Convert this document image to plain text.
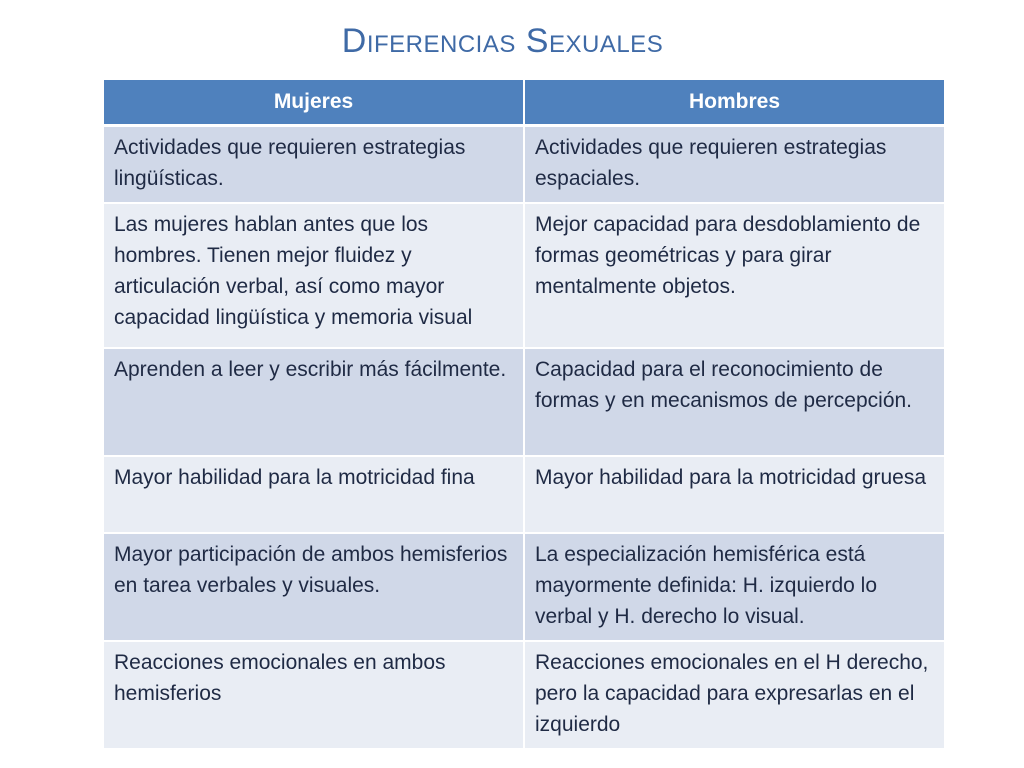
Diferencias Sexuales
Mujeres	Hombres
Actividades que requieren estrategias lingüísticas.	Actividades que requieren estrategias espaciales.
Las mujeres hablan antes que los hombres. Tienen mejor fluidez y articulación verbal, así como mayor capacidad lingüística y memoria visual	Mejor capacidad para desdoblamiento de formas geométricas y para girar mentalmente objetos.
Aprenden a leer y escribir más fácilmente.	Capacidad para el reconocimiento de formas y en mecanismos de percepción.
Mayor habilidad para la motricidad fina	Mayor habilidad para la motricidad gruesa
Mayor participación de ambos hemisferios en tarea verbales y visuales.	La especialización hemisférica está mayormente definida: H. izquierdo lo verbal y H. derecho lo visual.
Reacciones emocionales en ambos hemisferios	Reacciones emocionales en el H derecho, pero la capacidad para expresarlas en el izquierdo
